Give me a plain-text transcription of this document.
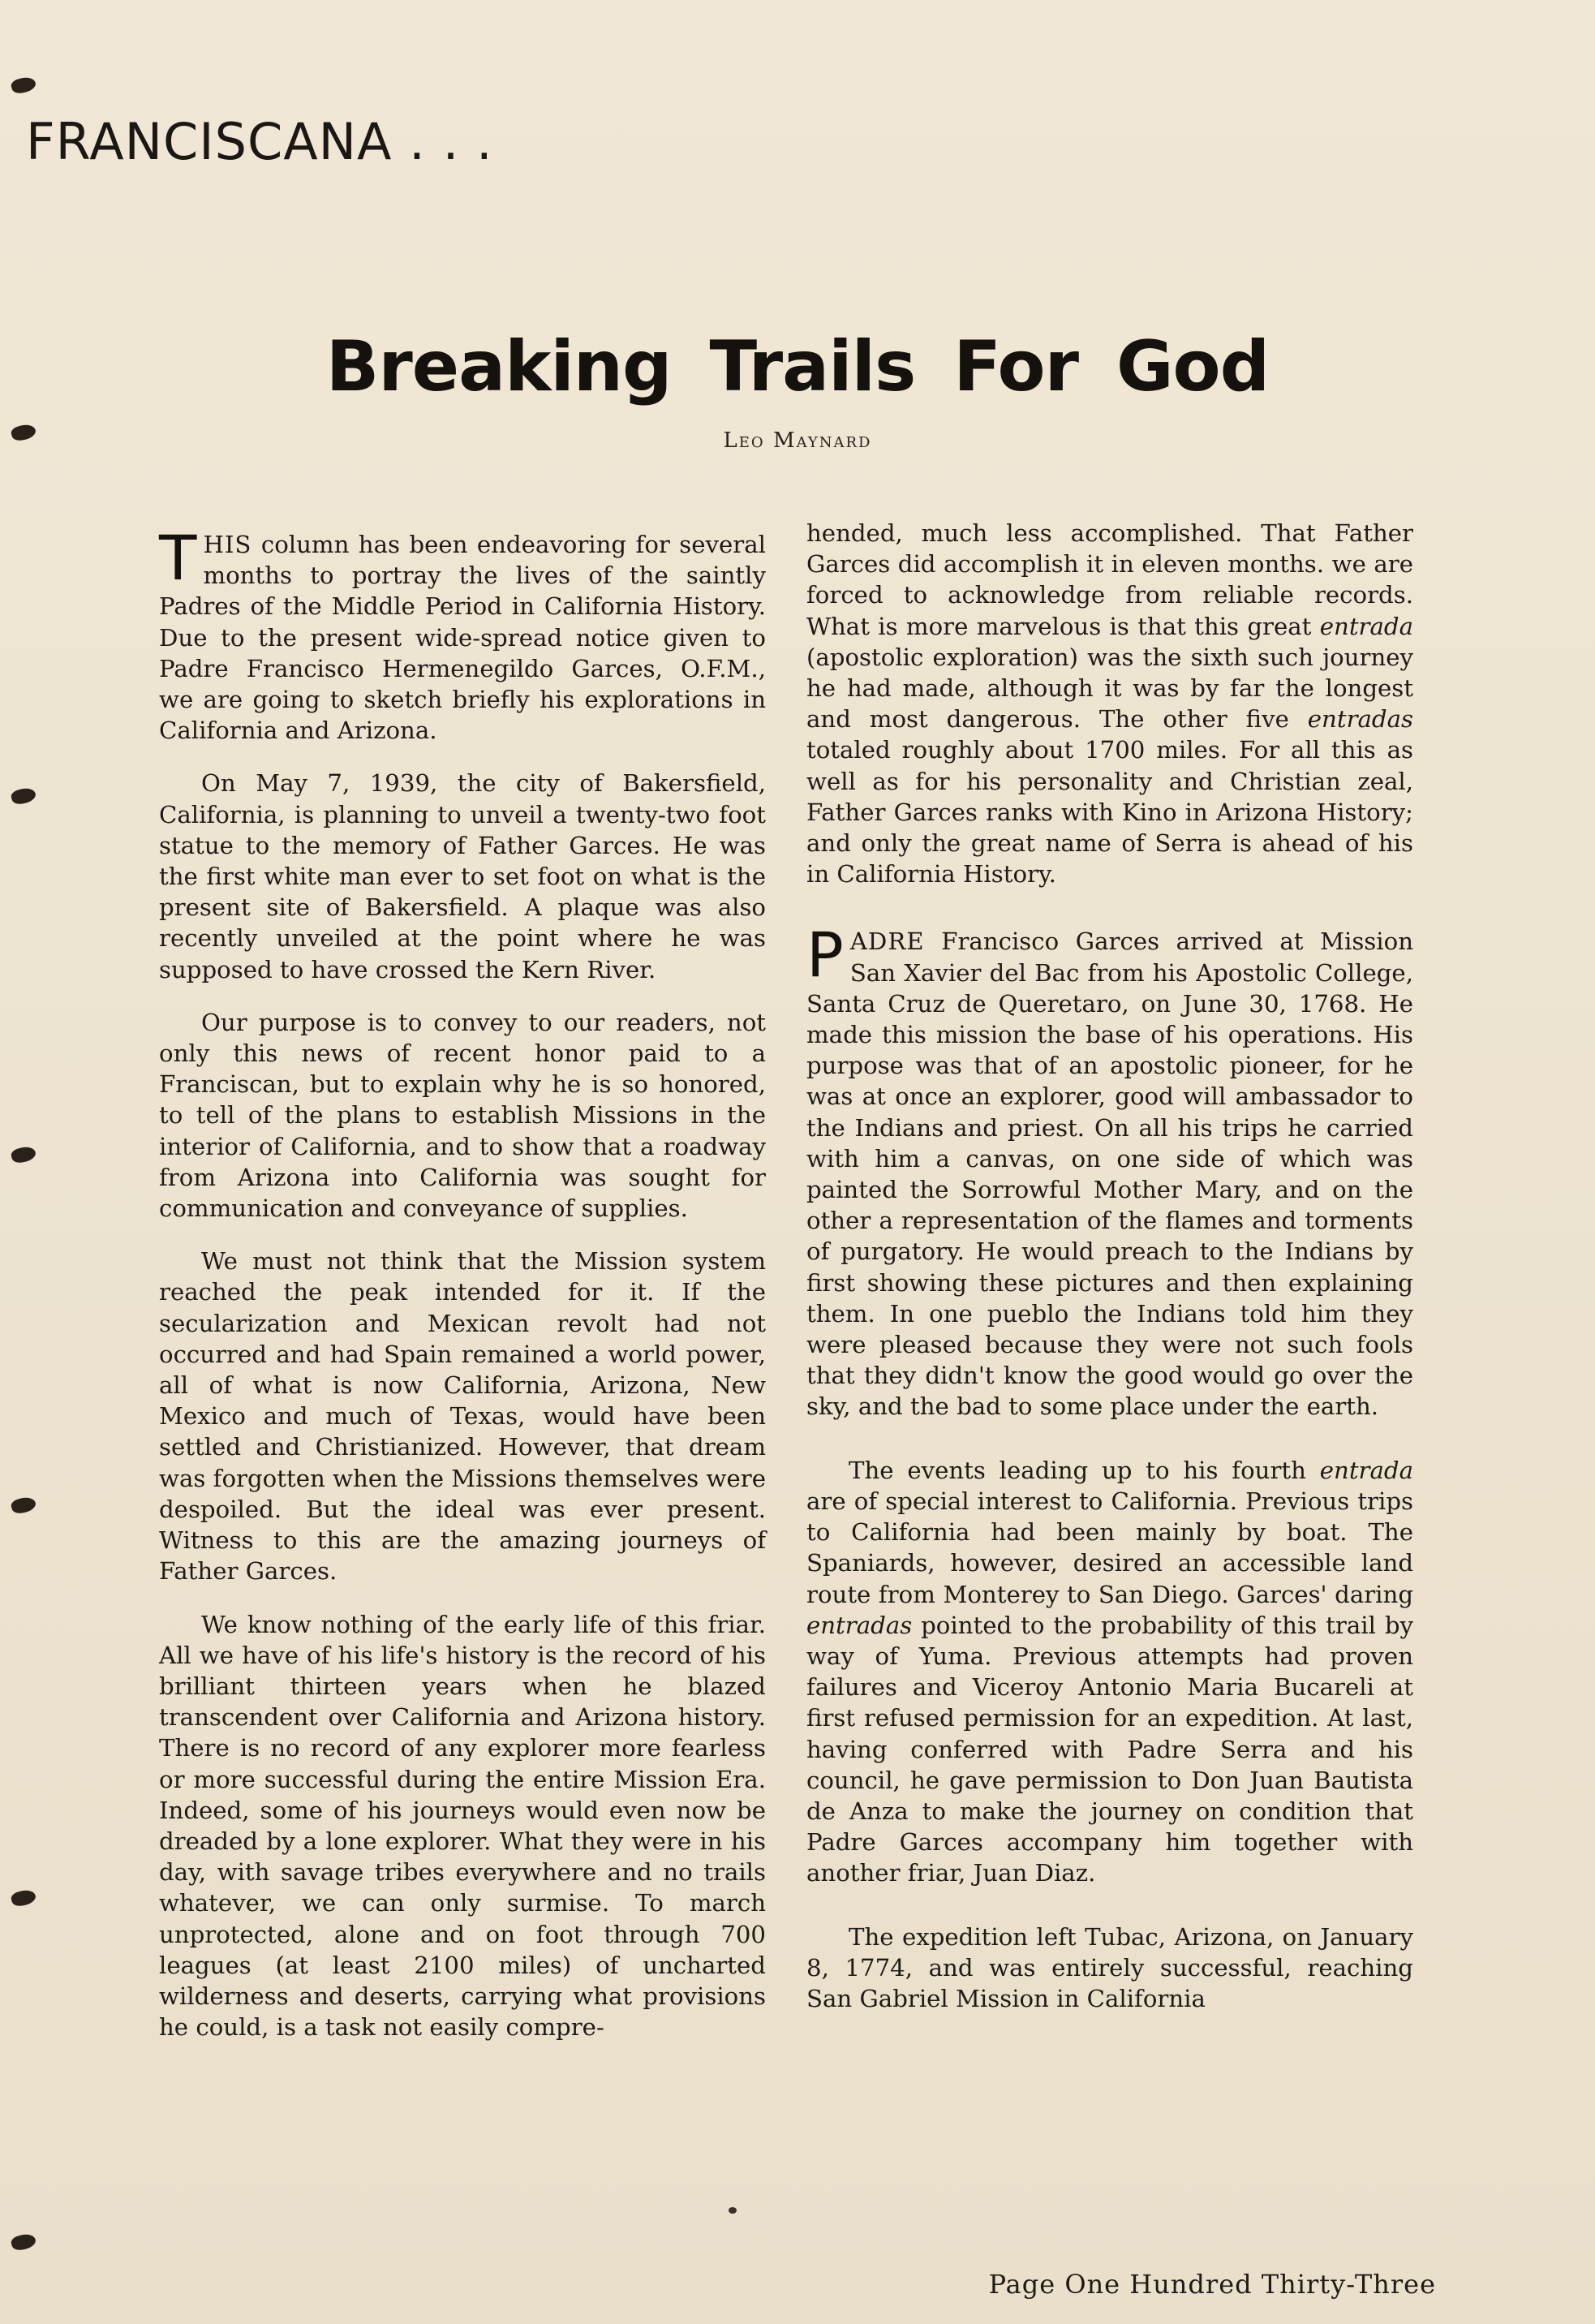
FRANCISCANA . . .
Breaking Trails For God
Leo Maynard

THIS column has been endeavoring for several months to portray the lives of the saintly Padres of the Middle Period in California History. Due to the present wide-spread notice given to Padre Francisco Hermenegildo Garces, O.F.M., we are going to sketch briefly his explorations in California and Arizona.

On May 7, 1939, the city of Bakersfield, California, is planning to unveil a twenty-two foot statue to the memory of Father Garces. He was the first white man ever to set foot on what is the present site of Bakersfield. A plaque was also recently unveiled at the point where he was supposed to have crossed the Kern River.

Our purpose is to convey to our readers, not only this news of recent honor paid to a Franciscan, but to explain why he is so honored, to tell of the plans to establish Missions in the interior of California, and to show that a roadway from Arizona into California was sought for communication and conveyance of supplies.

We must not think that the Mission system reached the peak intended for it. If the secularization and Mexican revolt had not occurred and had Spain remained a world power, all of what is now California, Arizona, New Mexico and much of Texas, would have been settled and Christianized. However, that dream was forgotten when the Missions themselves were despoiled. But the ideal was ever present. Witness to this are the amazing journeys of Father Garces.

We know nothing of the early life of this friar. All we have of his life's history is the record of his brilliant thirteen years when he blazed transcendent over California and Arizona history. There is no record of any explorer more fearless or more successful during the entire Mission Era. Indeed, some of his journeys would even now be dreaded by a lone explorer. What they were in his day, with savage tribes everywhere and no trails whatever, we can only surmise. To march unprotected, alone and on foot through 700 leagues (at least 2100 miles) of uncharted wilderness and deserts, carrying what provisions he could, is a task not easily compre-

hended, much less accomplished. That Father Garces did accomplish it in eleven months. we are forced to acknowledge from reliable records. What is more marvelous is that this great entrada (apostolic exploration) was the sixth such journey he had made, although it was by far the longest and most dangerous. The other five entradas totaled roughly about 1700 miles. For all this as well as for his personality and Christian zeal, Father Garces ranks with Kino in Arizona History; and only the great name of Serra is ahead of his in California History.

PADRE Francisco Garces arrived at Mission San Xavier del Bac from his Apostolic College, Santa Cruz de Queretaro, on June 30, 1768. He made this mission the base of his operations. His purpose was that of an apostolic pioneer, for he was at once an explorer, good will ambassador to the Indians and priest. On all his trips he carried with him a canvas, on one side of which was painted the Sorrowful Mother Mary, and on the other a representation of the flames and torments of purgatory. He would preach to the Indians by first showing these pictures and then explaining them. In one pueblo the Indians told him they were pleased because they were not such fools that they didn't know the good would go over the sky, and the bad to some place under the earth.

The events leading up to his fourth entrada are of special interest to California. Previous trips to California had been mainly by boat. The Spaniards, however, desired an accessible land route from Monterey to San Diego. Garces' daring entradas pointed to the probability of this trail by way of Yuma. Previous attempts had proven failures and Viceroy Antonio Maria Bucareli at first refused permission for an expedition. At last, having conferred with Padre Serra and his council, he gave permission to Don Juan Bautista de Anza to make the journey on condition that Padre Garces accompany him together with another friar, Juan Diaz.

The expedition left Tubac, Arizona, on January 8, 1774, and was entirely successful, reaching San Gabriel Mission in California

Page One Hundred Thirty-Three
